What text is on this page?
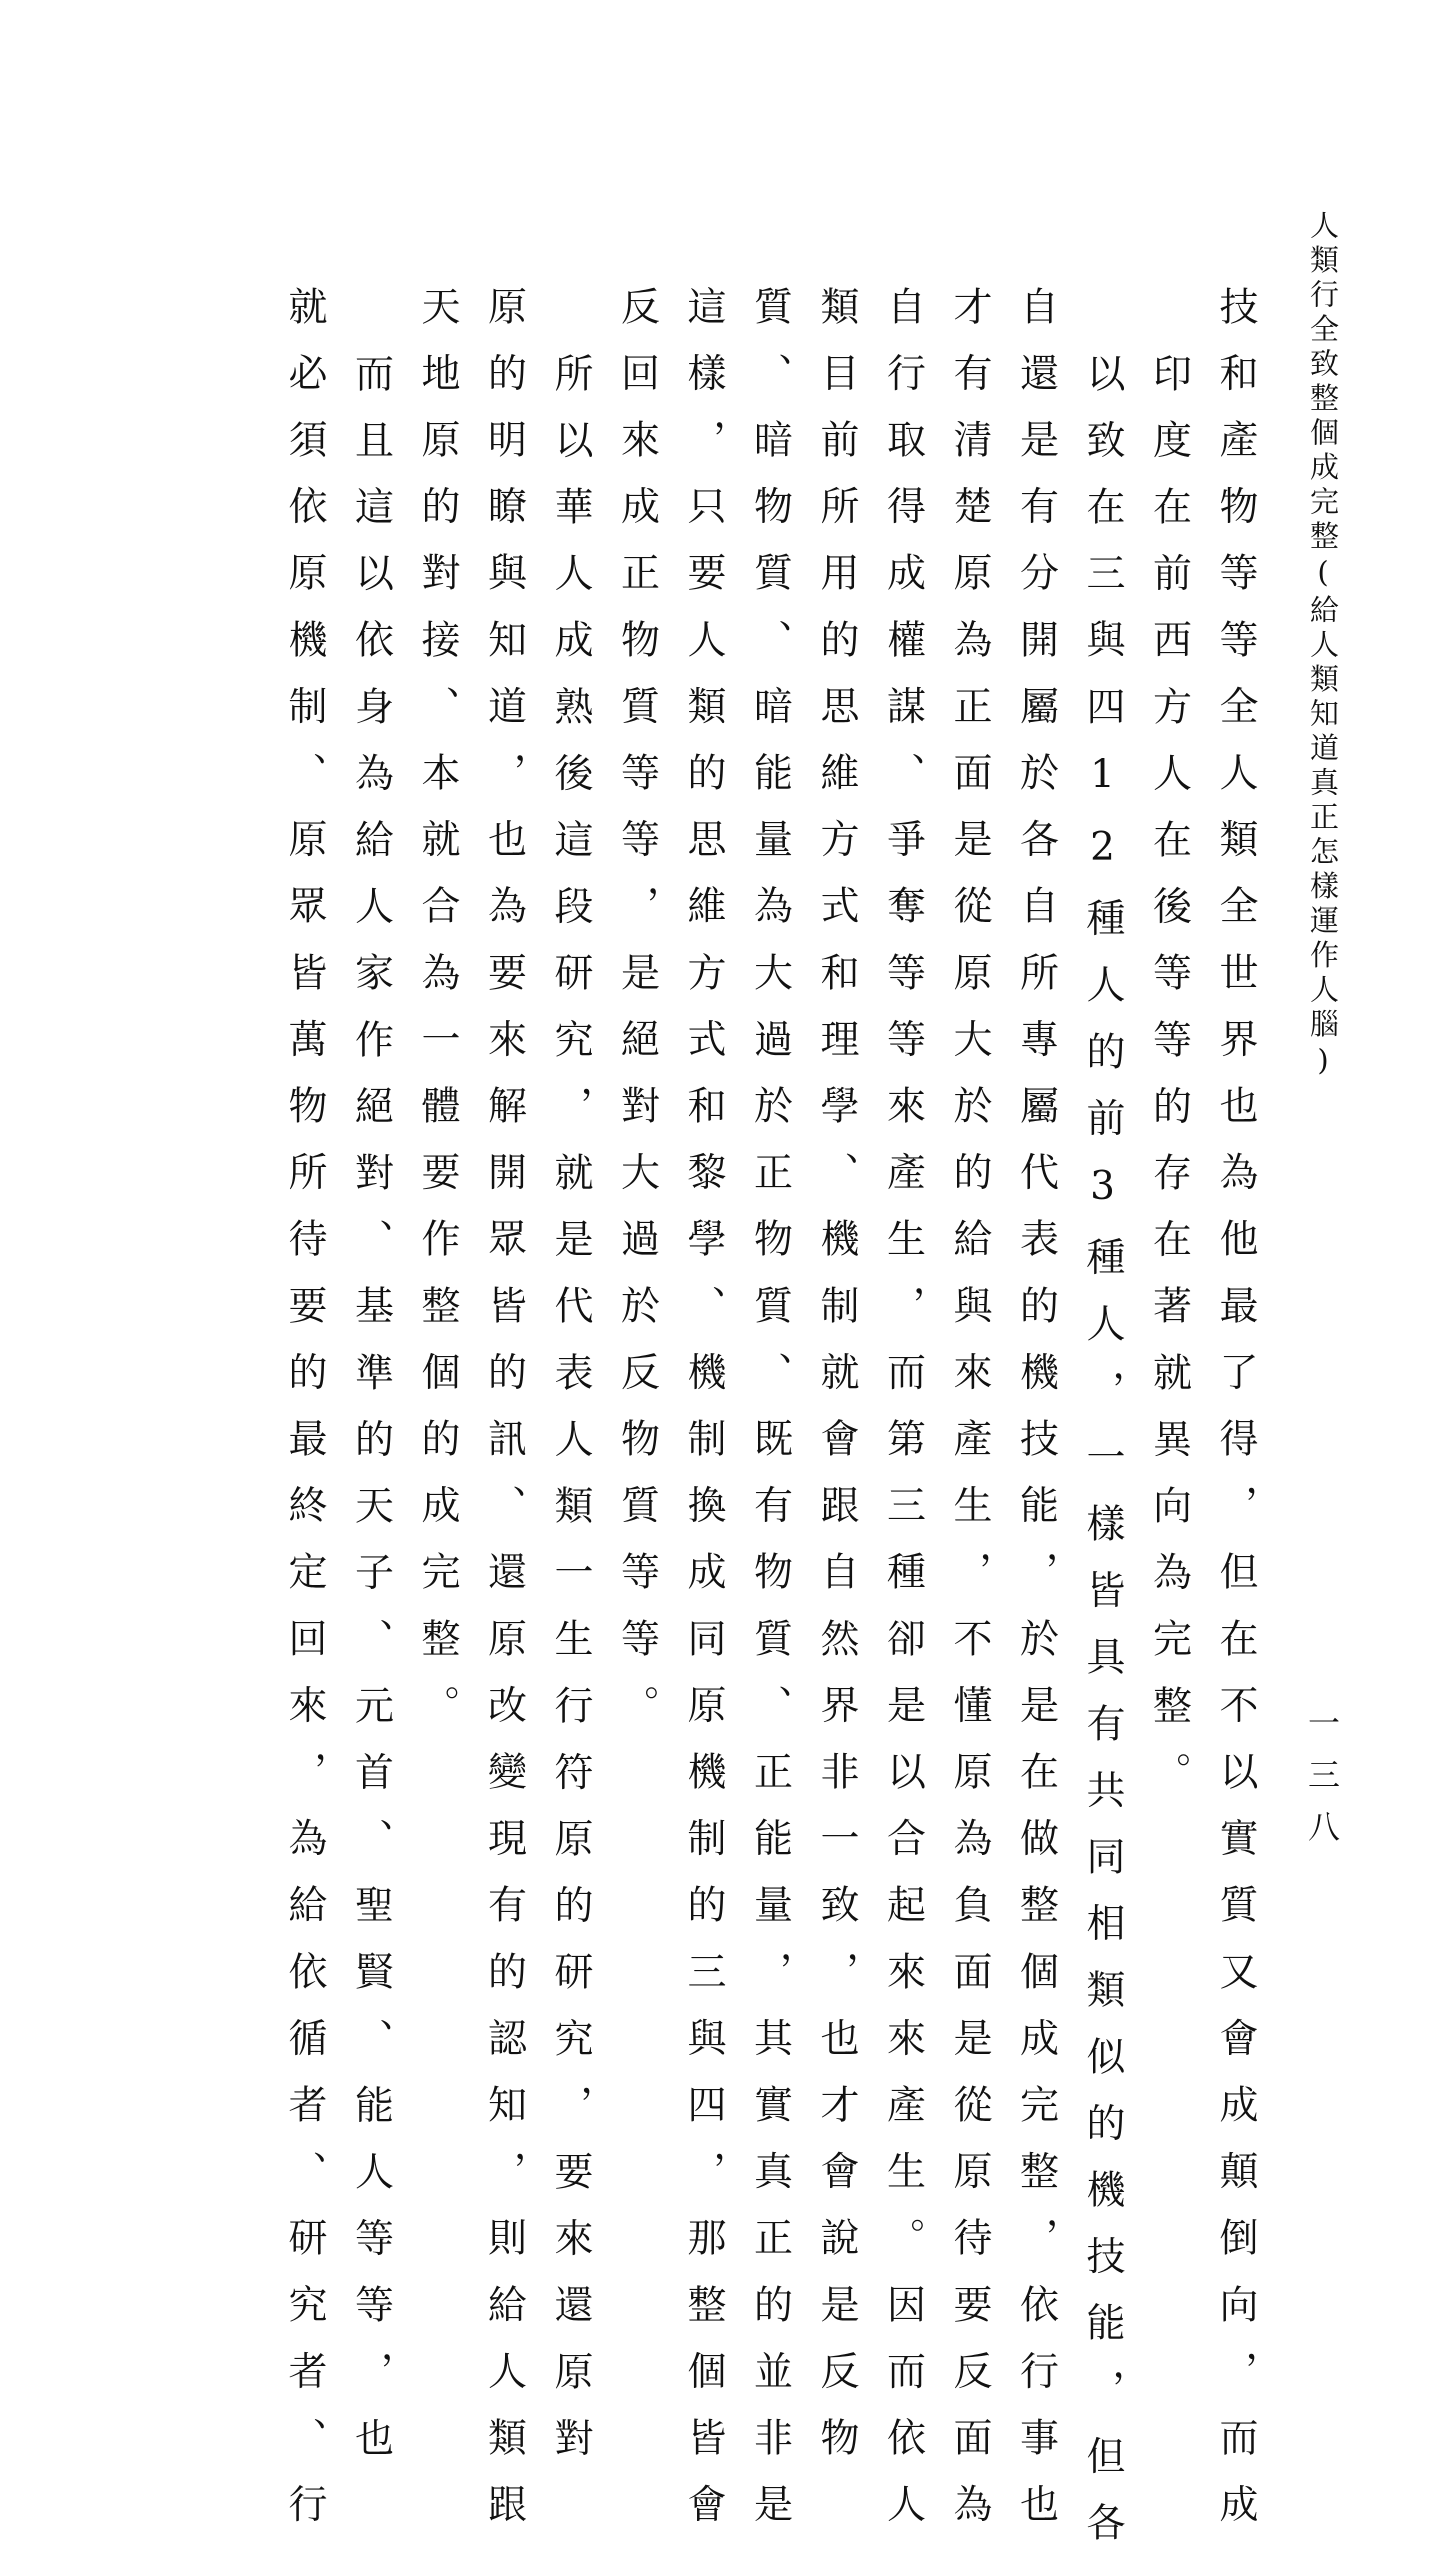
人類行全致整個成完整(給人類知道真正怎樣運作人腦)
一三八
技和產物等等全人類全世界也為他最了得，但在不以實質又會成顛倒向，而成
印度在前西方人在後等等的存在著就異向為完整。
以致在三與四12種人的前3種人，一樣皆具有共同相類似的機技能，但各
自還是有分開屬於各自所專屬代表的機技能，於是在做整個成完整，依行事也
才有清楚原為正面是從原大於的給與來產生，不懂原為負面是從原待要反面為
自行取得成權謀、爭奪等等來產生，而第三種卻是以合起來來產生。因而依人
類目前所用的思維方式和理學、機制就會跟自然界非一致，也才會說是反物
質、暗物質、暗能量為大過於正物質、既有物質、正能量，其實真正的並非是
這樣，只要人類的思維方式和黎學、機制換成同原機制的三與四，那整個皆會
反回來成正物質等等，是絕對大過於反物質等等。
所以華人成熟後這段研究，就是代表人類一生行符原的研究，要來還原對
原的明瞭與知道，也為要來解開眾皆的訊、還原改變現有的認知，則給人類跟
天地原的對接、本就合為一體要作整個的成完整。
而且這以依身為給人家作絕對、基準的天子、元首、聖賢、能人等等，也
就必須依原機制、原眾皆萬物所待要的最終定回來，為給依循者、研究者、行
